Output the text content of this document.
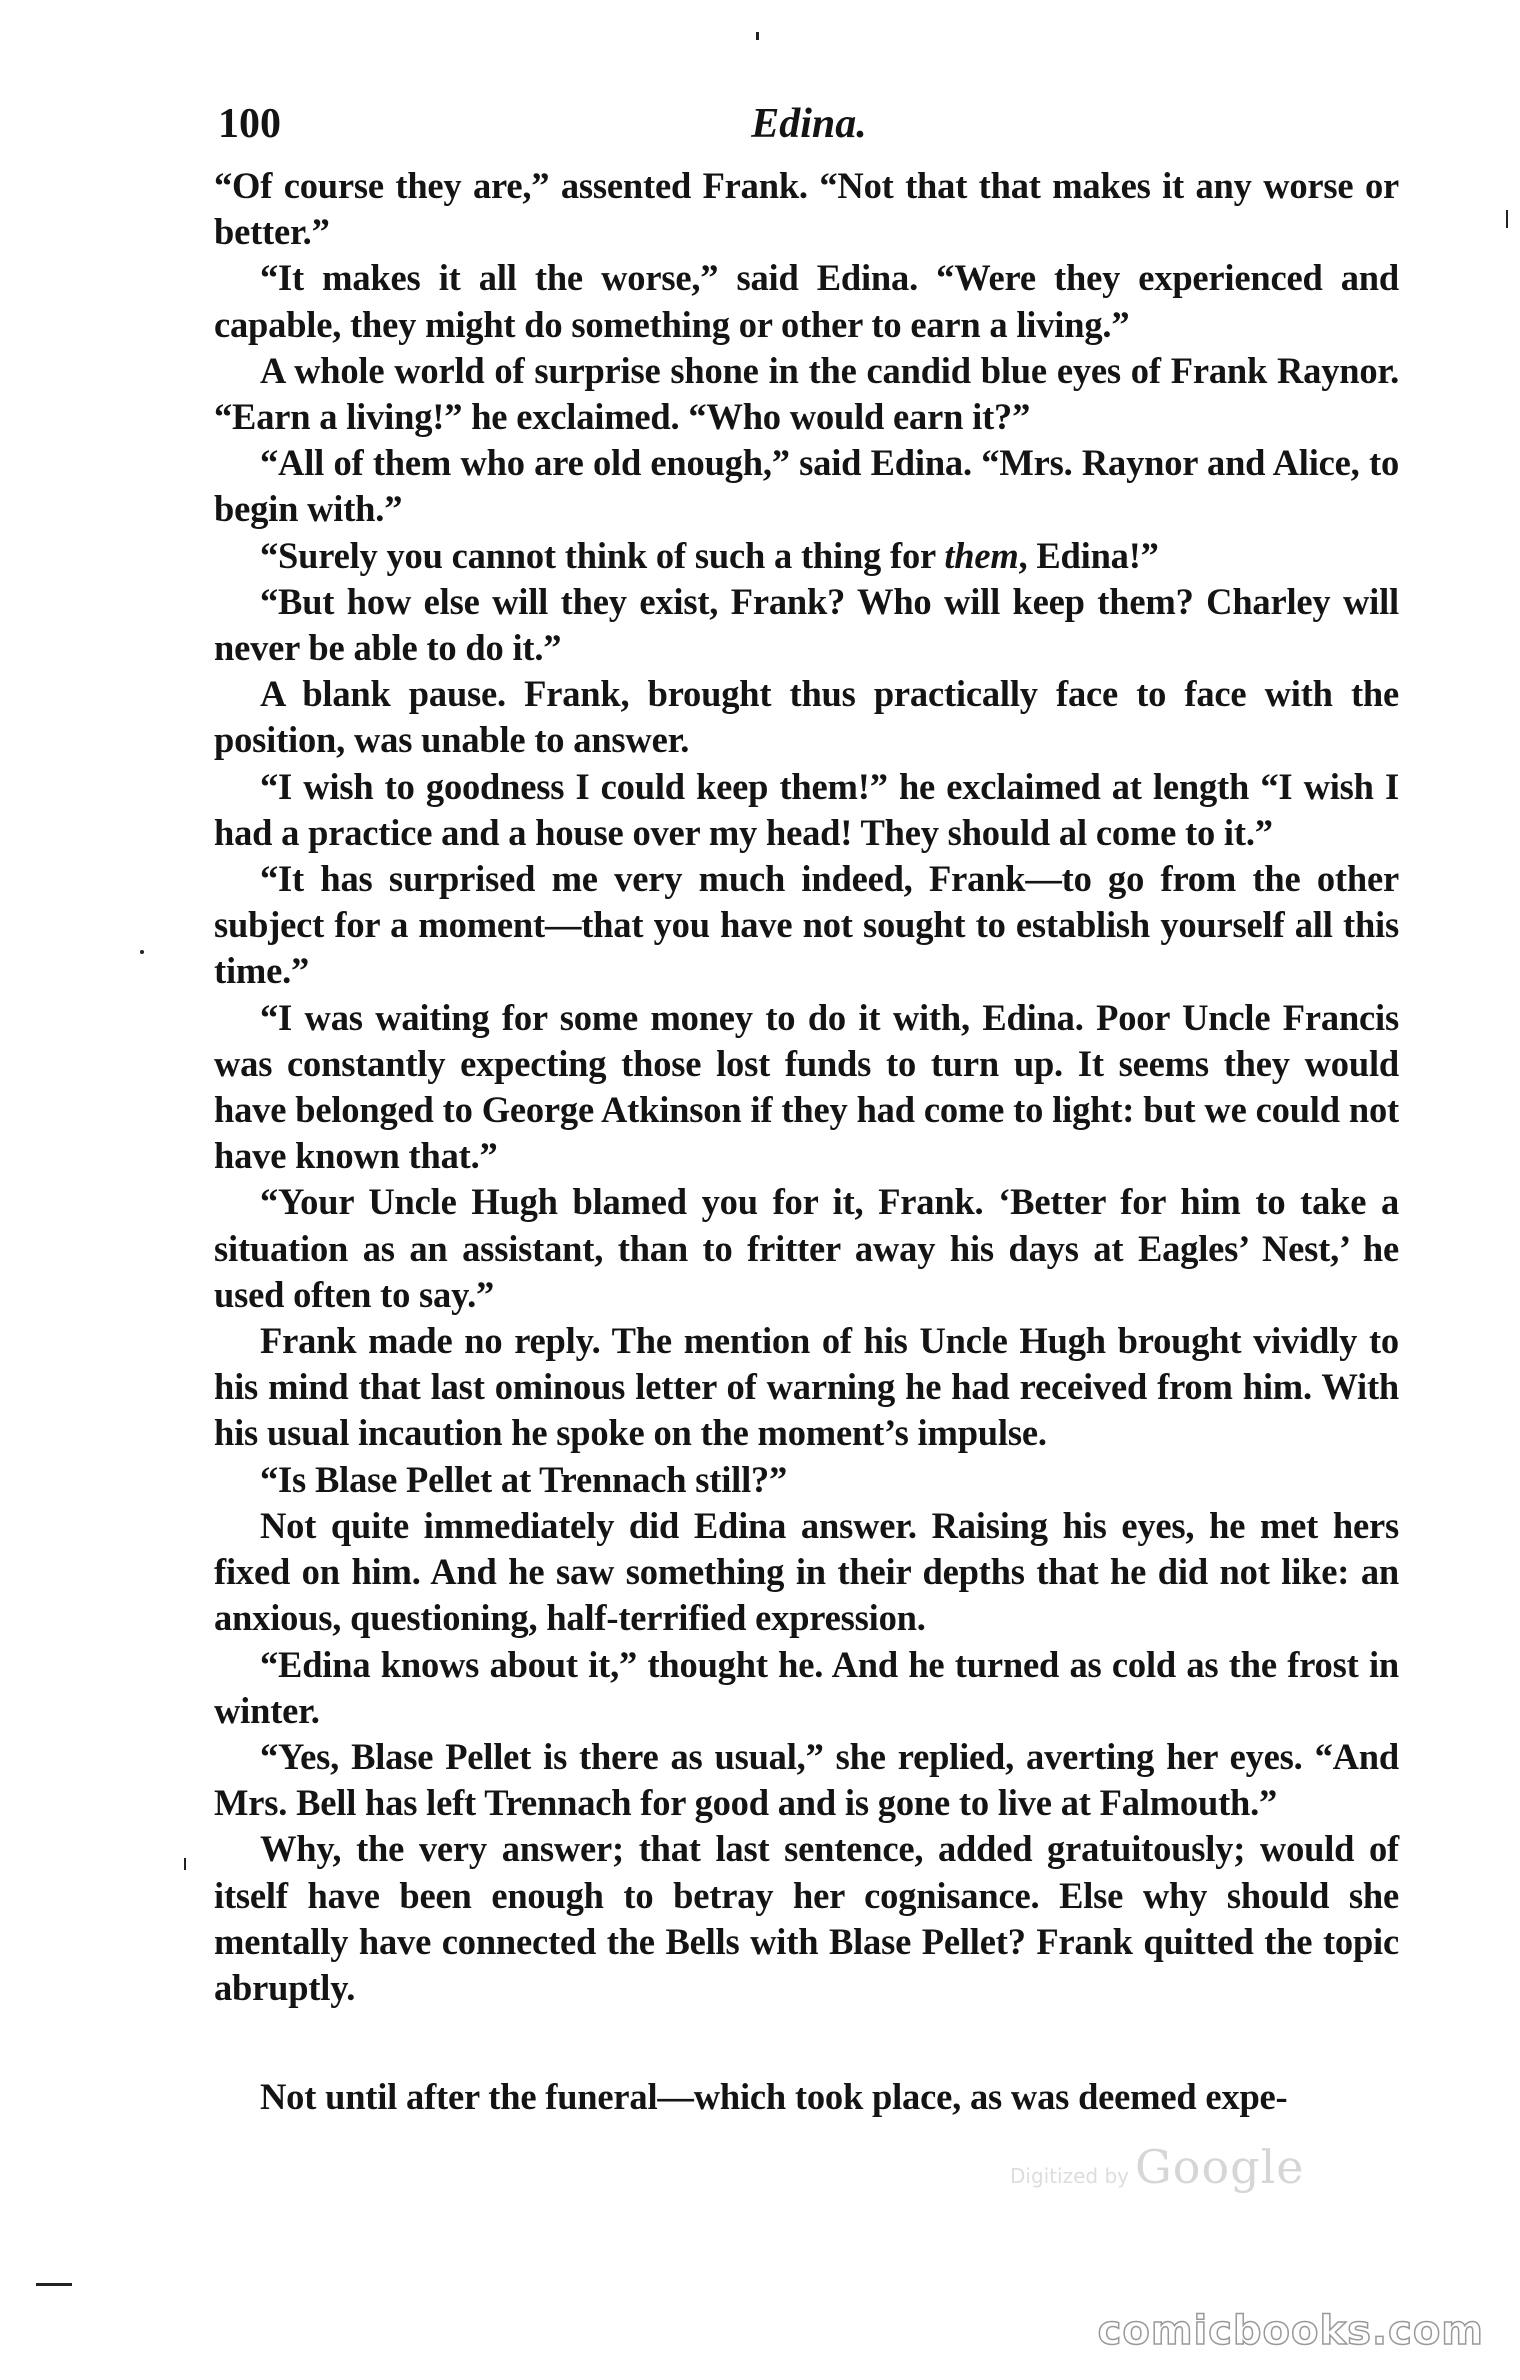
100	Edina.

“Of course they are,” assented Frank. “Not that that makes it any worse or better.”

“It makes it all the worse,” said Edina. “Were they experienced and capable, they might do something or other to earn a living.”

A whole world of surprise shone in the candid blue eyes of Frank Raynor. “Earn a living!” he exclaimed. “Who would earn it?”

“All of them who are old enough,” said Edina. “Mrs. Raynor and Alice, to begin with.”

“Surely you cannot think of such a thing for them, Edina!”

“But how else will they exist, Frank? Who will keep them? Charley will never be able to do it.”

A blank pause. Frank, brought thus practically face to face with the position, was unable to answer.

“I wish to goodness I could keep them!” he exclaimed at length “I wish I had a practice and a house over my head! They should al come to it.”

“It has surprised me very much indeed, Frank—to go from the other subject for a moment—that you have not sought to establish yourself all this time.”

“I was waiting for some money to do it with, Edina. Poor Uncle Francis was constantly expecting those lost funds to turn up. It seems they would have belonged to George Atkinson if they had come to light: but we could not have known that.”

“Your Uncle Hugh blamed you for it, Frank. ‘Better for him to take a situation as an assistant, than to fritter away his days at Eagles’ Nest,’ he used often to say.”

Frank made no reply. The mention of his Uncle Hugh brought vividly to his mind that last ominous letter of warning he had received from him. With his usual incaution he spoke on the moment’s impulse.

“Is Blase Pellet at Trennach still?”

Not quite immediately did Edina answer. Raising his eyes, he met hers fixed on him. And he saw something in their depths that he did not like: an anxious, questioning, half-terrified expression.

“Edina knows about it,” thought he. And he turned as cold as the frost in winter.

“Yes, Blase Pellet is there as usual,” she replied, averting her eyes. “And Mrs. Bell has left Trennach for good and is gone to live at Falmouth.”

Why, the very answer; that last sentence, added gratuitously; would of itself have been enough to betray her cognisance. Else why should she mentally have connected the Bells with Blase Pellet? Frank quitted the topic abruptly.

Not until after the funeral—which took place, as was deemed expe-

Digitized by Google
comicbooks.com
